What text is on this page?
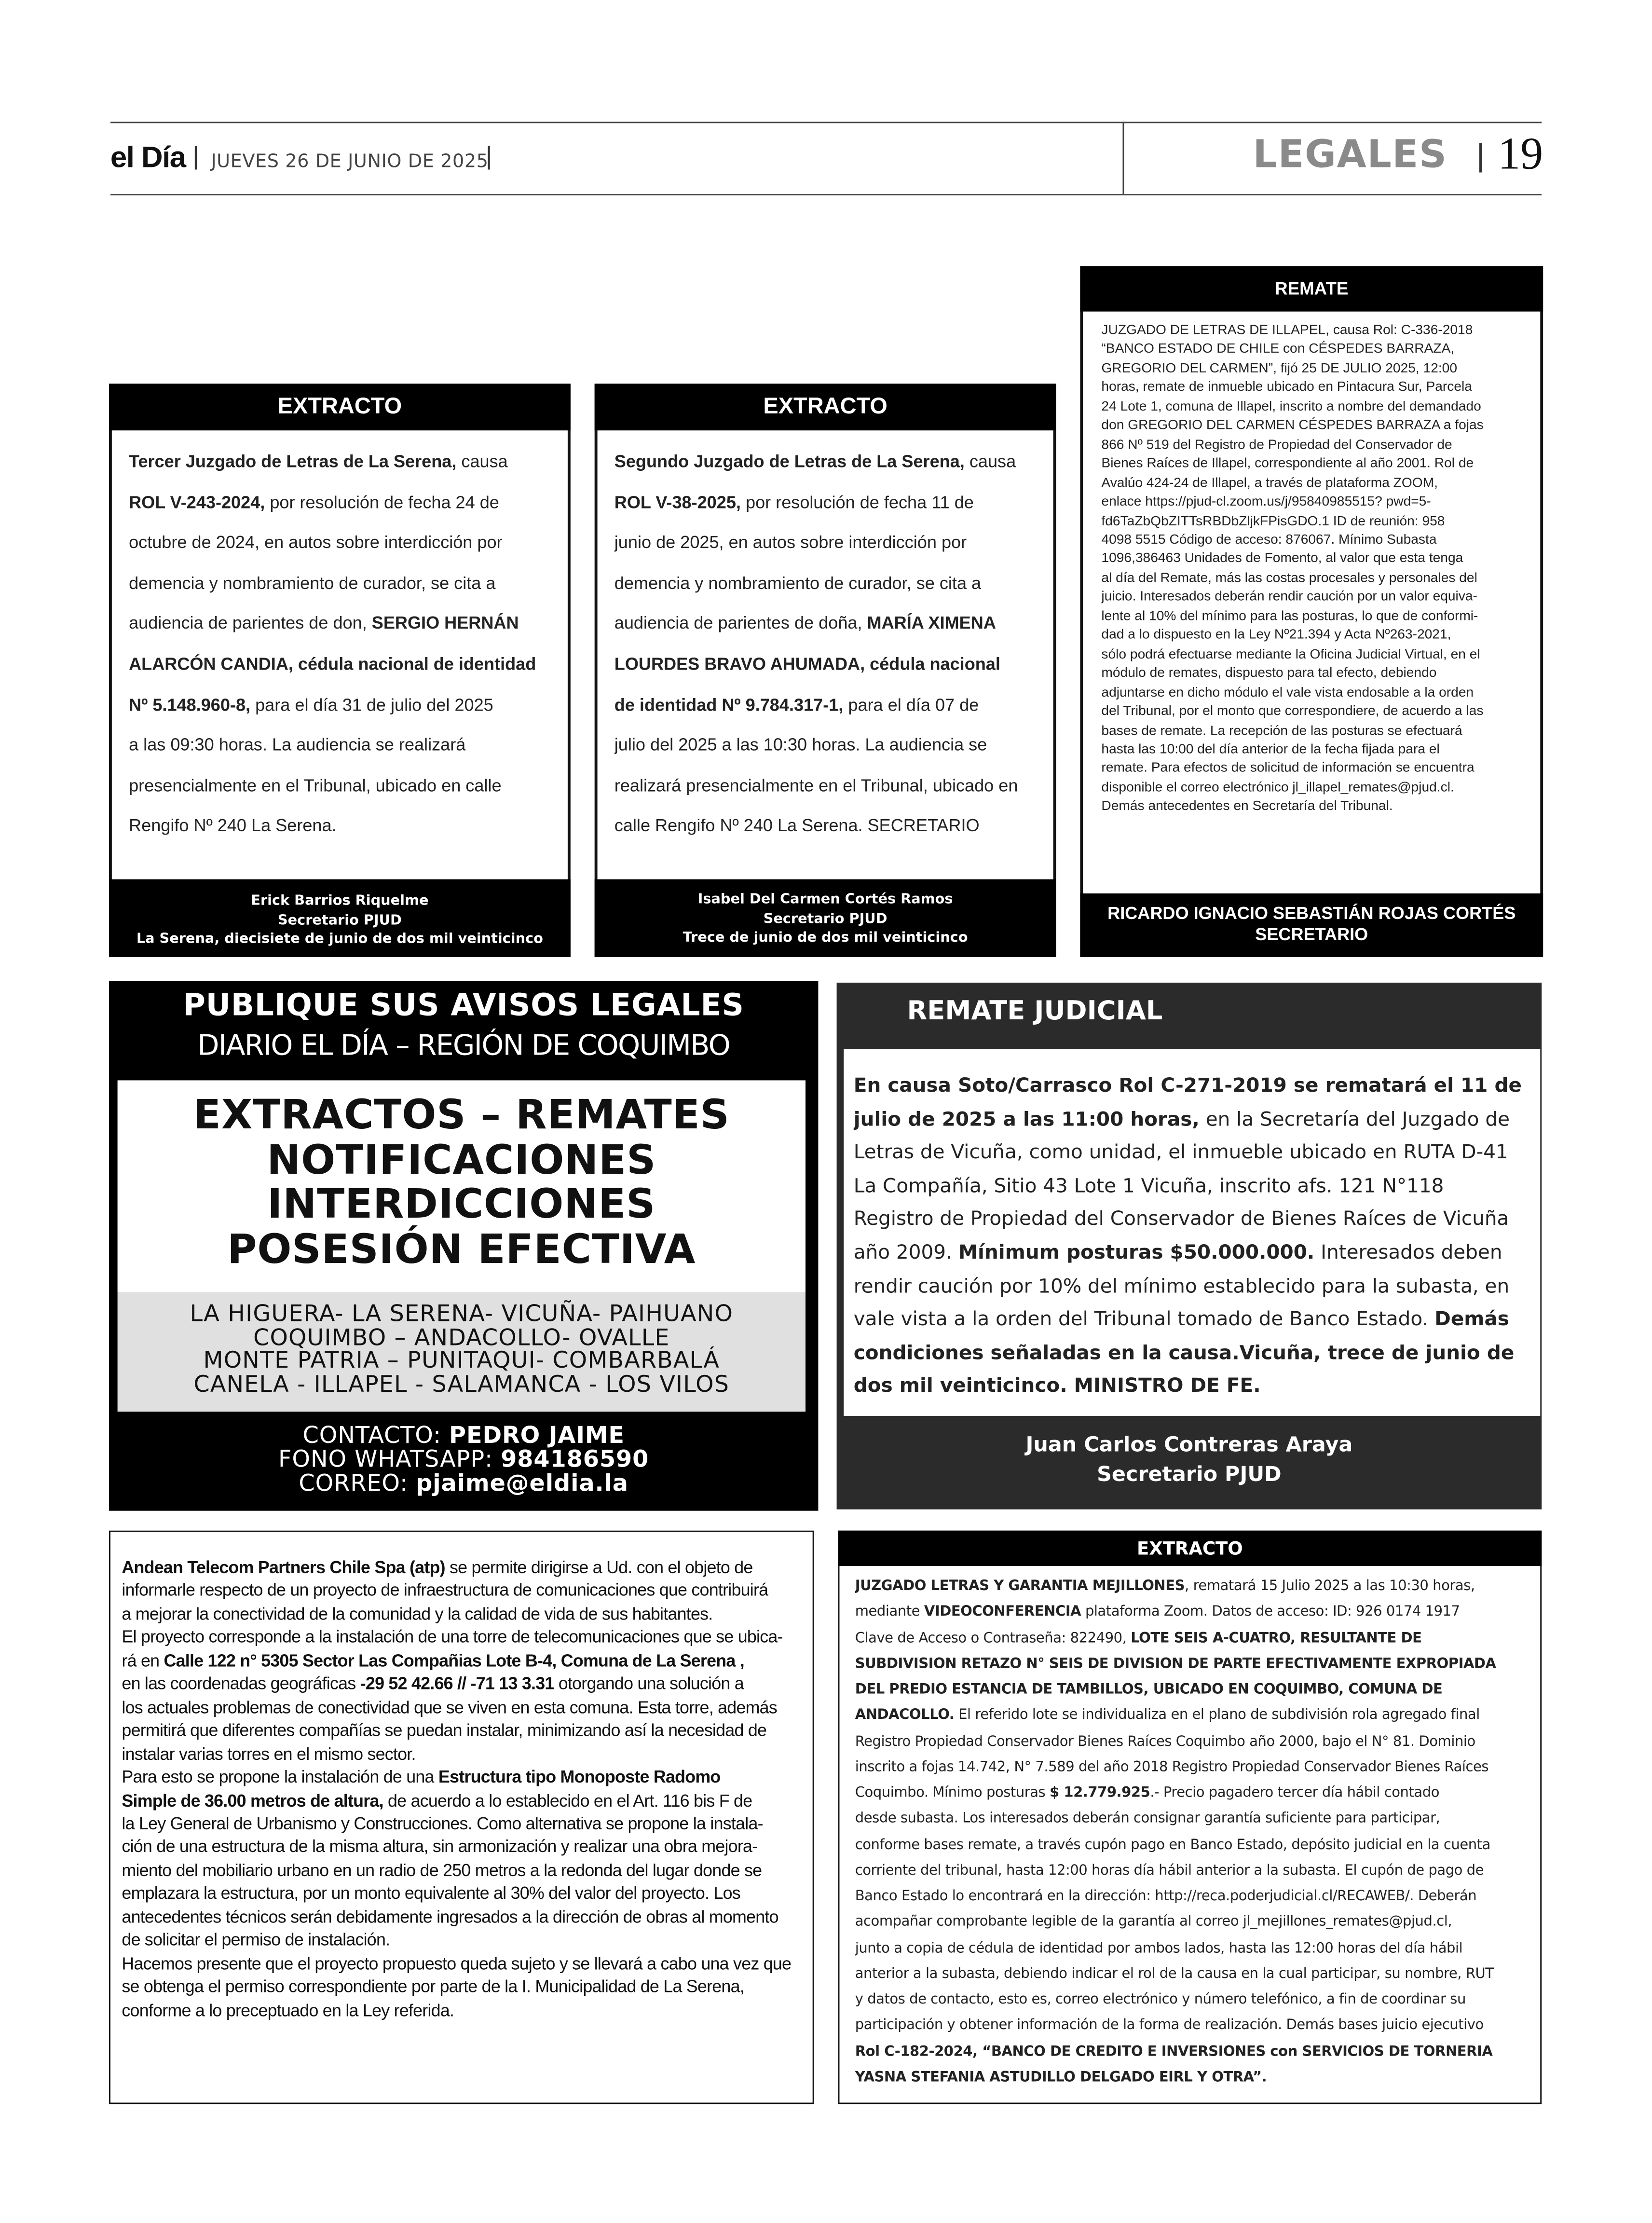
el Día | JUEVES 26 DE JUNIO DE 2025
|	LEGALES	| 19
EXTRACTO
Tercer Juzgado de Letras de La Serena, causa
ROL V-243-2024, por resolución de fecha 24 de
octubre de 2024, en autos sobre interdicción por
demencia y nombramiento de curador, se cita a
audiencia de parientes de don, SERGIO HERNÁN
ALARCÓN CANDIA, cédula nacional de identidad
Nº 5.148.960-8, para el día 31 de julio del 2025
a las 09:30 horas. La audiencia se realizará
presencialmente en el Tribunal, ubicado en calle
Rengifo Nº 240 La Serena.
Erick Barrios Riquelme
Secretario PJUD
La Serena, diecisiete de junio de dos mil veinticinco
EXTRACTO
Segundo Juzgado de Letras de La Serena, causa
ROL V-38-2025, por resolución de fecha 11 de
junio de 2025, en autos sobre interdicción por
demencia y nombramiento de curador, se cita a
audiencia de parientes de doña, MARÍA XIMENA
LOURDES BRAVO AHUMADA, cédula nacional
de identidad Nº 9.784.317-1, para el día 07 de
julio del 2025 a las 10:30 horas. La audiencia se
realizará presencialmente en el Tribunal, ubicado en
calle Rengifo Nº 240 La Serena. SECRETARIO
Isabel Del Carmen Cortés Ramos
Secretario PJUD
Trece de junio de dos mil veinticinco
REMATE
JUZGADO DE LETRAS DE ILLAPEL, causa Rol: C-336-2018
“BANCO ESTADO DE CHILE con CÉSPEDES BARRAZA,
GREGORIO DEL CARMEN”, fijó 25 DE JULIO 2025, 12:00
horas, remate de inmueble ubicado en Pintacura Sur, Parcela
24 Lote 1, comuna de Illapel, inscrito a nombre del demandado
don GREGORIO DEL CARMEN CÉSPEDES BARRAZA a fojas
866 Nº 519 del Registro de Propiedad del Conservador de
Bienes Raíces de Illapel, correspondiente al año 2001. Rol de
Avalúo 424-24 de Illapel, a través de plataforma ZOOM,
enlace https://pjud-cl.zoom.us/j/95840985515? pwd=5-
fd6TaZbQbZITTsRBDbZljkFPisGDO.1 ID de reunión: 958
4098 5515 Código de acceso: 876067. Mínimo Subasta
1096,386463 Unidades de Fomento, al valor que esta tenga
al día del Remate, más las costas procesales y personales del
juicio. Interesados deberán rendir caución por un valor equiva-
lente al 10% del mínimo para las posturas, lo que de conformi-
dad a lo dispuesto en la Ley Nº21.394 y Acta Nº263-2021,
sólo podrá efectuarse mediante la Oficina Judicial Virtual, en el
módulo de remates, dispuesto para tal efecto, debiendo
adjuntarse en dicho módulo el vale vista endosable a la orden
del Tribunal, por el monto que correspondiere, de acuerdo a las
bases de remate. La recepción de las posturas se efectuará
hasta las 10:00 del día anterior de la fecha fijada para el
remate. Para efectos de solicitud de información se encuentra
disponible el correo electrónico jl_illapel_remates@pjud.cl.
Demás antecedentes en Secretaría del Tribunal.
RICARDO IGNACIO SEBASTIÁN ROJAS CORTÉS
SECRETARIO
PUBLIQUE SUS AVISOS LEGALES
DIARIO EL DÍA – REGIÓN DE COQUIMBO
EXTRACTOS – REMATES
NOTIFICACIONES
INTERDICCIONES
POSESIÓN EFECTIVA
LA HIGUERA- LA SERENA- VICUÑA- PAIHUANO
COQUIMBO – ANDACOLLO- OVALLE
MONTE PATRIA – PUNITAQUI- COMBARBALÁ
CANELA - ILLAPEL - SALAMANCA - LOS VILOS
CONTACTO: PEDRO JAIME
FONO WHATSAPP: 984186590
CORREO: pjaime@eldia.la
REMATE JUDICIAL
En causa Soto/Carrasco Rol C-271-2019 se rematará el 11 de
julio de 2025 a las 11:00 horas, en la Secretaría del Juzgado de
Letras de Vicuña, como unidad, el inmueble ubicado en RUTA D-41
La Compañía, Sitio 43 Lote 1 Vicuña, inscrito afs. 121 N°118
Registro de Propiedad del Conservador de Bienes Raíces de Vicuña
año 2009. Mínimum posturas $50.000.000. Interesados deben
rendir caución por 10% del mínimo establecido para la subasta, en
vale vista a la orden del Tribunal tomado de Banco Estado. Demás
condiciones señaladas en la causa.Vicuña, trece de junio de
dos mil veinticinco. MINISTRO DE FE.
Juan Carlos Contreras Araya
Secretario PJUD
Andean Telecom Partners Chile Spa (atp) se permite dirigirse a Ud. con el objeto de
informarle respecto de un proyecto de infraestructura de comunicaciones que contribuirá
a mejorar la conectividad de la comunidad y la calidad de vida de sus habitantes.
El proyecto corresponde a la instalación de una torre de telecomunicaciones que se ubica-
rá en Calle 122 n° 5305 Sector Las Compañias Lote B-4, Comuna de La Serena ,
en las coordenadas geográficas -29 52 42.66 // -71 13 3.31 otorgando una solución a
los actuales problemas de conectividad que se viven en esta comuna. Esta torre, además
permitirá que diferentes compañías se puedan instalar, minimizando así la necesidad de
instalar varias torres en el mismo sector.
Para esto se propone la instalación de una Estructura tipo Monoposte Radomo
Simple de 36.00 metros de altura, de acuerdo a lo establecido en el Art. 116 bis F de
la Ley General de Urbanismo y Construcciones. Como alternativa se propone la instala-
ción de una estructura de la misma altura, sin armonización y realizar una obra mejora-
miento del mobiliario urbano en un radio de 250 metros a la redonda del lugar donde se
emplazara la estructura, por un monto equivalente al 30% del valor del proyecto. Los
antecedentes técnicos serán debidamente ingresados a la dirección de obras al momento
de solicitar el permiso de instalación.
Hacemos presente que el proyecto propuesto queda sujeto y se llevará a cabo una vez que
se obtenga el permiso correspondiente por parte de la I. Municipalidad de La Serena,
conforme a lo preceptuado en la Ley referida.
EXTRACTO
JUZGADO LETRAS Y GARANTIA MEJILLONES, rematará 15 Julio 2025 a las 10:30 horas,
mediante VIDEOCONFERENCIA plataforma Zoom. Datos de acceso: ID: 926 0174 1917
Clave de Acceso o Contraseña: 822490, LOTE SEIS A-CUATRO, RESULTANTE DE
SUBDIVISION RETAZO N° SEIS DE DIVISION DE PARTE EFECTIVAMENTE EXPROPIADA
DEL PREDIO ESTANCIA DE TAMBILLOS, UBICADO EN COQUIMBO, COMUNA DE
ANDACOLLO. El referido lote se individualiza en el plano de subdivisión rola agregado final
Registro Propiedad Conservador Bienes Raíces Coquimbo año 2000, bajo el N° 81. Dominio
inscrito a fojas 14.742, N° 7.589 del año 2018 Registro Propiedad Conservador Bienes Raíces
Coquimbo. Mínimo posturas $ 12.779.925.- Precio pagadero tercer día hábil contado
desde subasta. Los interesados deberán consignar garantía suficiente para participar,
conforme bases remate, a través cupón pago en Banco Estado, depósito judicial en la cuenta
corriente del tribunal, hasta 12:00 horas día hábil anterior a la subasta. El cupón de pago de
Banco Estado lo encontrará en la dirección: http://reca.poderjudicial.cl/RECAWEB/. Deberán
acompañar comprobante legible de la garantía al correo jl_mejillones_remates@pjud.cl,
junto a copia de cédula de identidad por ambos lados, hasta las 12:00 horas del día hábil
anterior a la subasta, debiendo indicar el rol de la causa en la cual participar, su nombre, RUT
y datos de contacto, esto es, correo electrónico y número telefónico, a fin de coordinar su
participación y obtener información de la forma de realización. Demás bases juicio ejecutivo
Rol C-182-2024, “BANCO DE CREDITO E INVERSIONES con SERVICIOS DE TORNERIA
YASNA STEFANIA ASTUDILLO DELGADO EIRL Y OTRA”.
